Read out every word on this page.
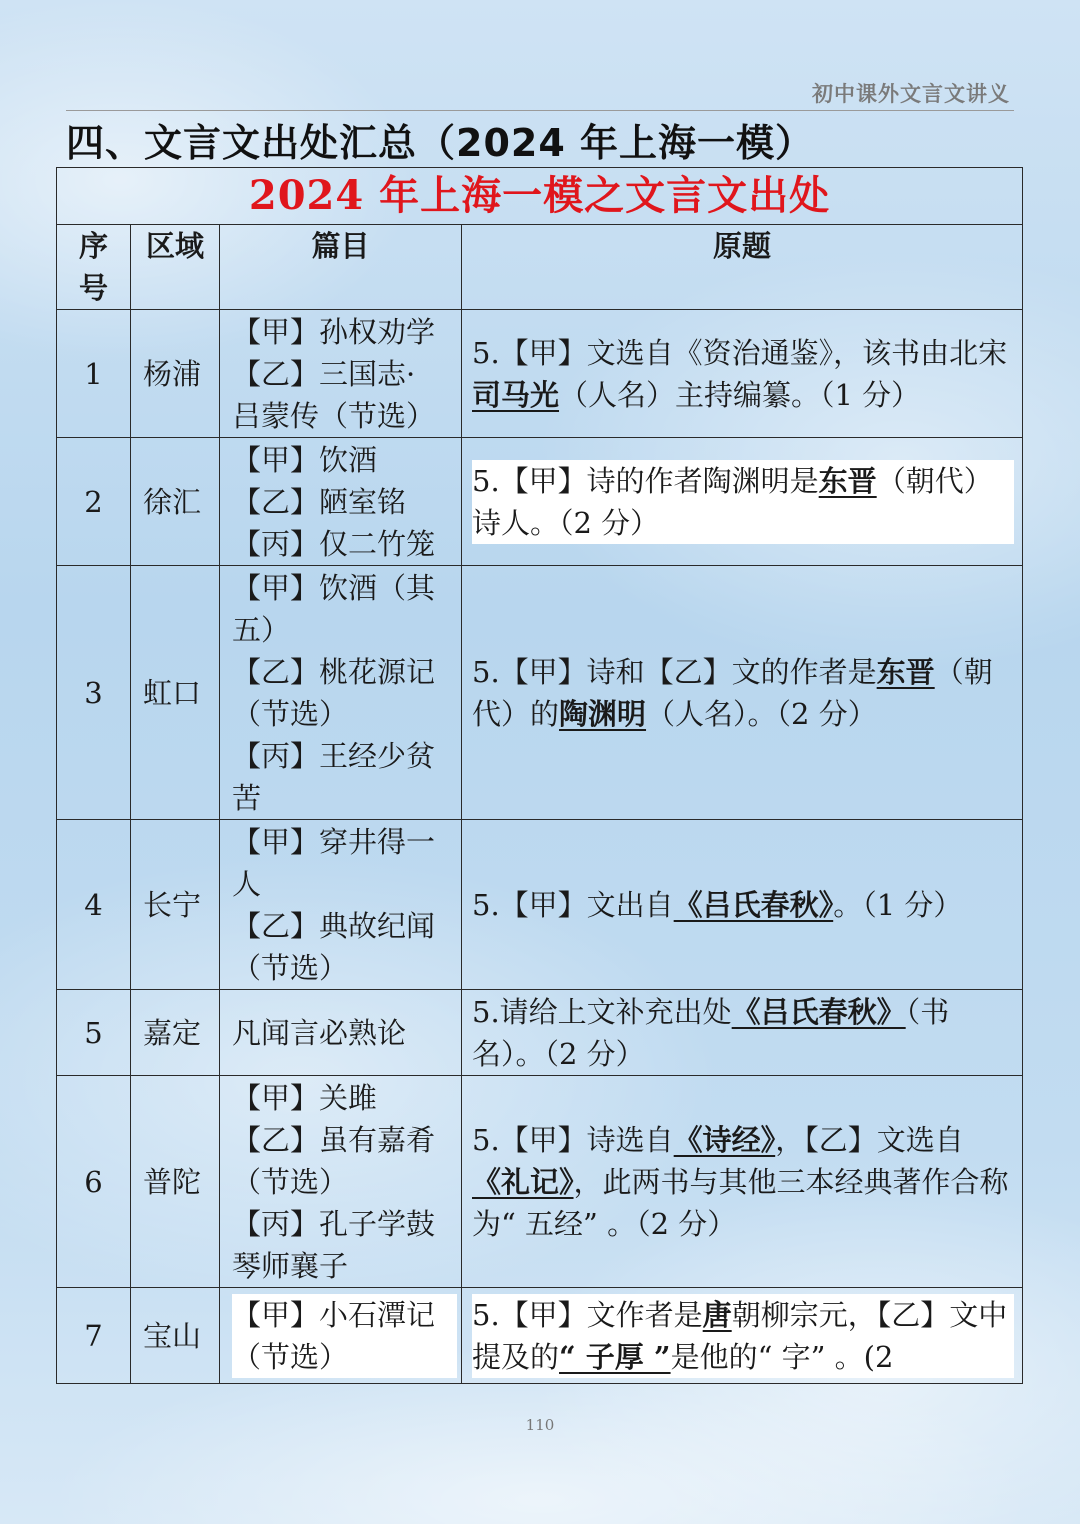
初中课外文言文讲义
四、文言文出处汇总（2024 年上海一模）
2024 年上海一模之文言文出处			
序号	区域	篇目	原题
1	杨浦	【甲】孙权劝学
【乙】三国志·
吕蒙传（节选）	5.【甲】文选自《资治通鉴》，该书由北宋司马光（人名）主持编纂。（1 分）

2	徐汇	【甲】饮酒
【乙】陋室铭
【丙】仅二竹笼	5.【甲】诗的作者陶渊明是东晋（朝代）诗人。（2 分）

3	虹口	【甲】饮酒（其五）
【乙】桃花源记（节选）
【丙】王经少贫苦	5.【甲】诗和【乙】文的作者是东晋（朝代）的陶渊明（人名）。（2 分）

4	长宁	【甲】穿井得一人
【乙】典故纪闻（节选）	5.【甲】文出自《吕氏春秋》。（1 分）

5	嘉定	凡闻言必熟论	5.请给上文补充出处《吕氏春秋》（书名）。（2 分）

6	普陀	【甲】关雎
【乙】虽有嘉肴（节选）
【丙】孔子学鼓琴师襄子	5.【甲】诗选自《诗经》，【乙】文选自《礼记》，此两书与其他三本经典著作合称为“ 五经” 。（2 分）

7	宝山	【甲】小石潭记（节选）	5.【甲】文作者是唐朝柳宗元，【乙】文中提及的“ 子厚 ”是他的“ 字” 。(2
110
